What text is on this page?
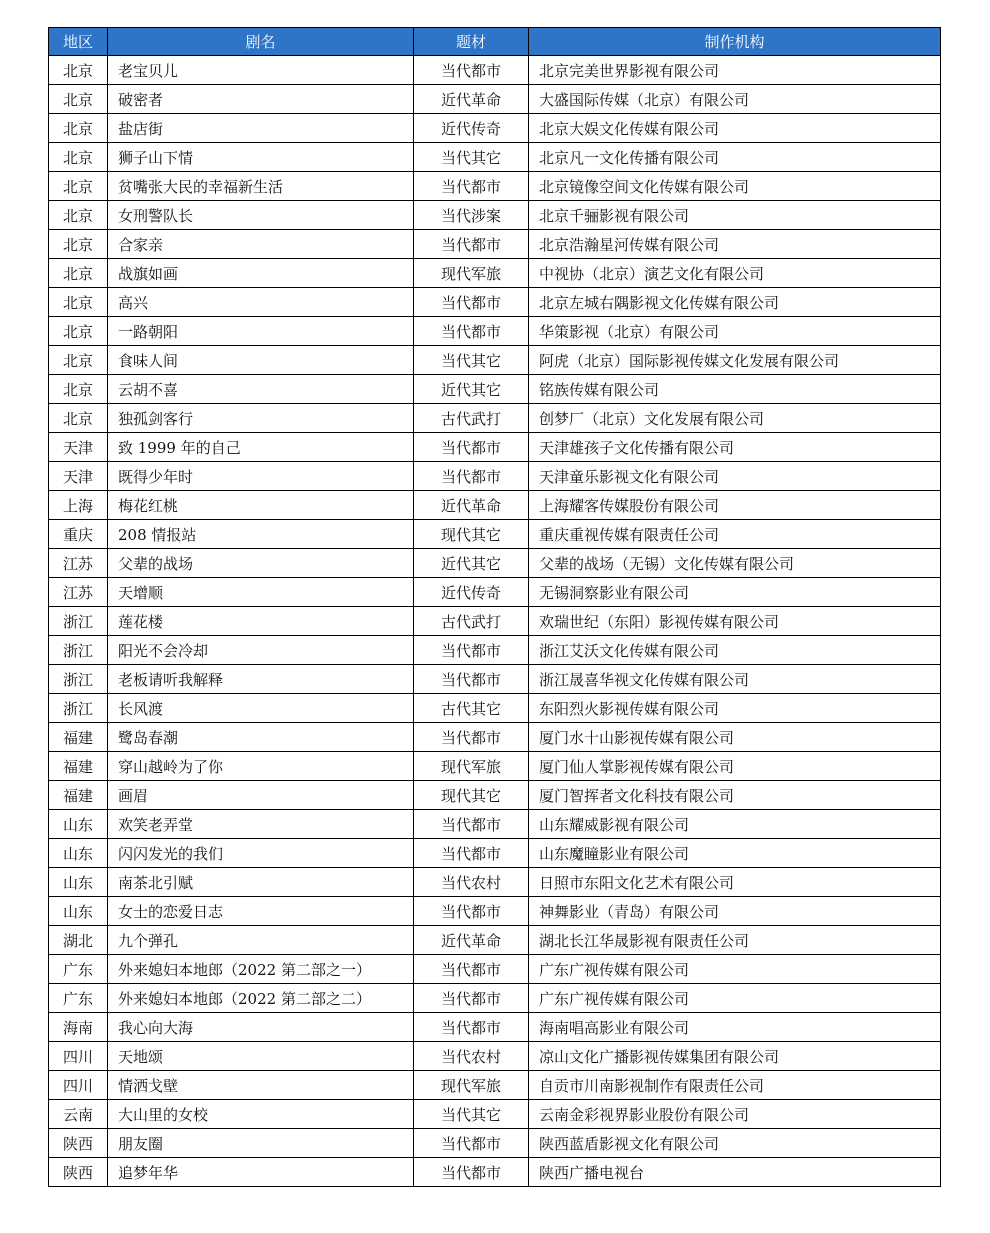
地区	剧名	题材	制作机构
北京	老宝贝儿	当代都市	北京完美世界影视有限公司
北京	破密者	近代革命	大盛国际传媒（北京）有限公司
北京	盐店街	近代传奇	北京大娱文化传媒有限公司
北京	狮子山下情	当代其它	北京凡一文化传播有限公司
北京	贫嘴张大民的幸福新生活	当代都市	北京镜像空间文化传媒有限公司
北京	女刑警队长	当代涉案	北京千骊影视有限公司
北京	合家亲	当代都市	北京浩瀚星河传媒有限公司
北京	战旗如画	现代军旅	中视协（北京）演艺文化有限公司
北京	高兴	当代都市	北京左城右隅影视文化传媒有限公司
北京	一路朝阳	当代都市	华策影视（北京）有限公司
北京	食味人间	当代其它	阿虎（北京）国际影视传媒文化发展有限公司
北京	云胡不喜	近代其它	铭族传媒有限公司
北京	独孤剑客行	古代武打	创梦厂（北京）文化发展有限公司
天津	致 1999 年的自己	当代都市	天津雄孩子文化传播有限公司
天津	既得少年时	当代都市	天津童乐影视文化有限公司
上海	梅花红桃	近代革命	上海耀客传媒股份有限公司
重庆	208 情报站	现代其它	重庆重视传媒有限责任公司
江苏	父辈的战场	近代其它	父辈的战场（无锡）文化传媒有限公司
江苏	天增顺	近代传奇	无锡洞察影业有限公司
浙江	莲花楼	古代武打	欢瑞世纪（东阳）影视传媒有限公司
浙江	阳光不会冷却	当代都市	浙江艾沃文化传媒有限公司
浙江	老板请听我解释	当代都市	浙江晟喜华视文化传媒有限公司
浙江	长风渡	古代其它	东阳烈火影视传媒有限公司
福建	鹭岛春潮	当代都市	厦门水十山影视传媒有限公司
福建	穿山越岭为了你	现代军旅	厦门仙人掌影视传媒有限公司
福建	画眉	现代其它	厦门智挥者文化科技有限公司
山东	欢笑老弄堂	当代都市	山东耀威影视有限公司
山东	闪闪发光的我们	当代都市	山东魔瞳影业有限公司
山东	南茶北引赋	当代农村	日照市东阳文化艺术有限公司
山东	女士的恋爱日志	当代都市	神舞影业（青岛）有限公司
湖北	九个弹孔	近代革命	湖北长江华晟影视有限责任公司
广东	外来媳妇本地郎（2022 第二部之一）	当代都市	广东广视传媒有限公司
广东	外来媳妇本地郎（2022 第二部之二）	当代都市	广东广视传媒有限公司
海南	我心向大海	当代都市	海南唱高影业有限公司
四川	天地颂	当代农村	凉山文化广播影视传媒集团有限公司
四川	情洒戈壁	现代军旅	自贡市川南影视制作有限责任公司
云南	大山里的女校	当代其它	云南金彩视界影业股份有限公司
陕西	朋友圈	当代都市	陕西蓝盾影视文化有限公司
陕西	追梦年华	当代都市	陕西广播电视台
